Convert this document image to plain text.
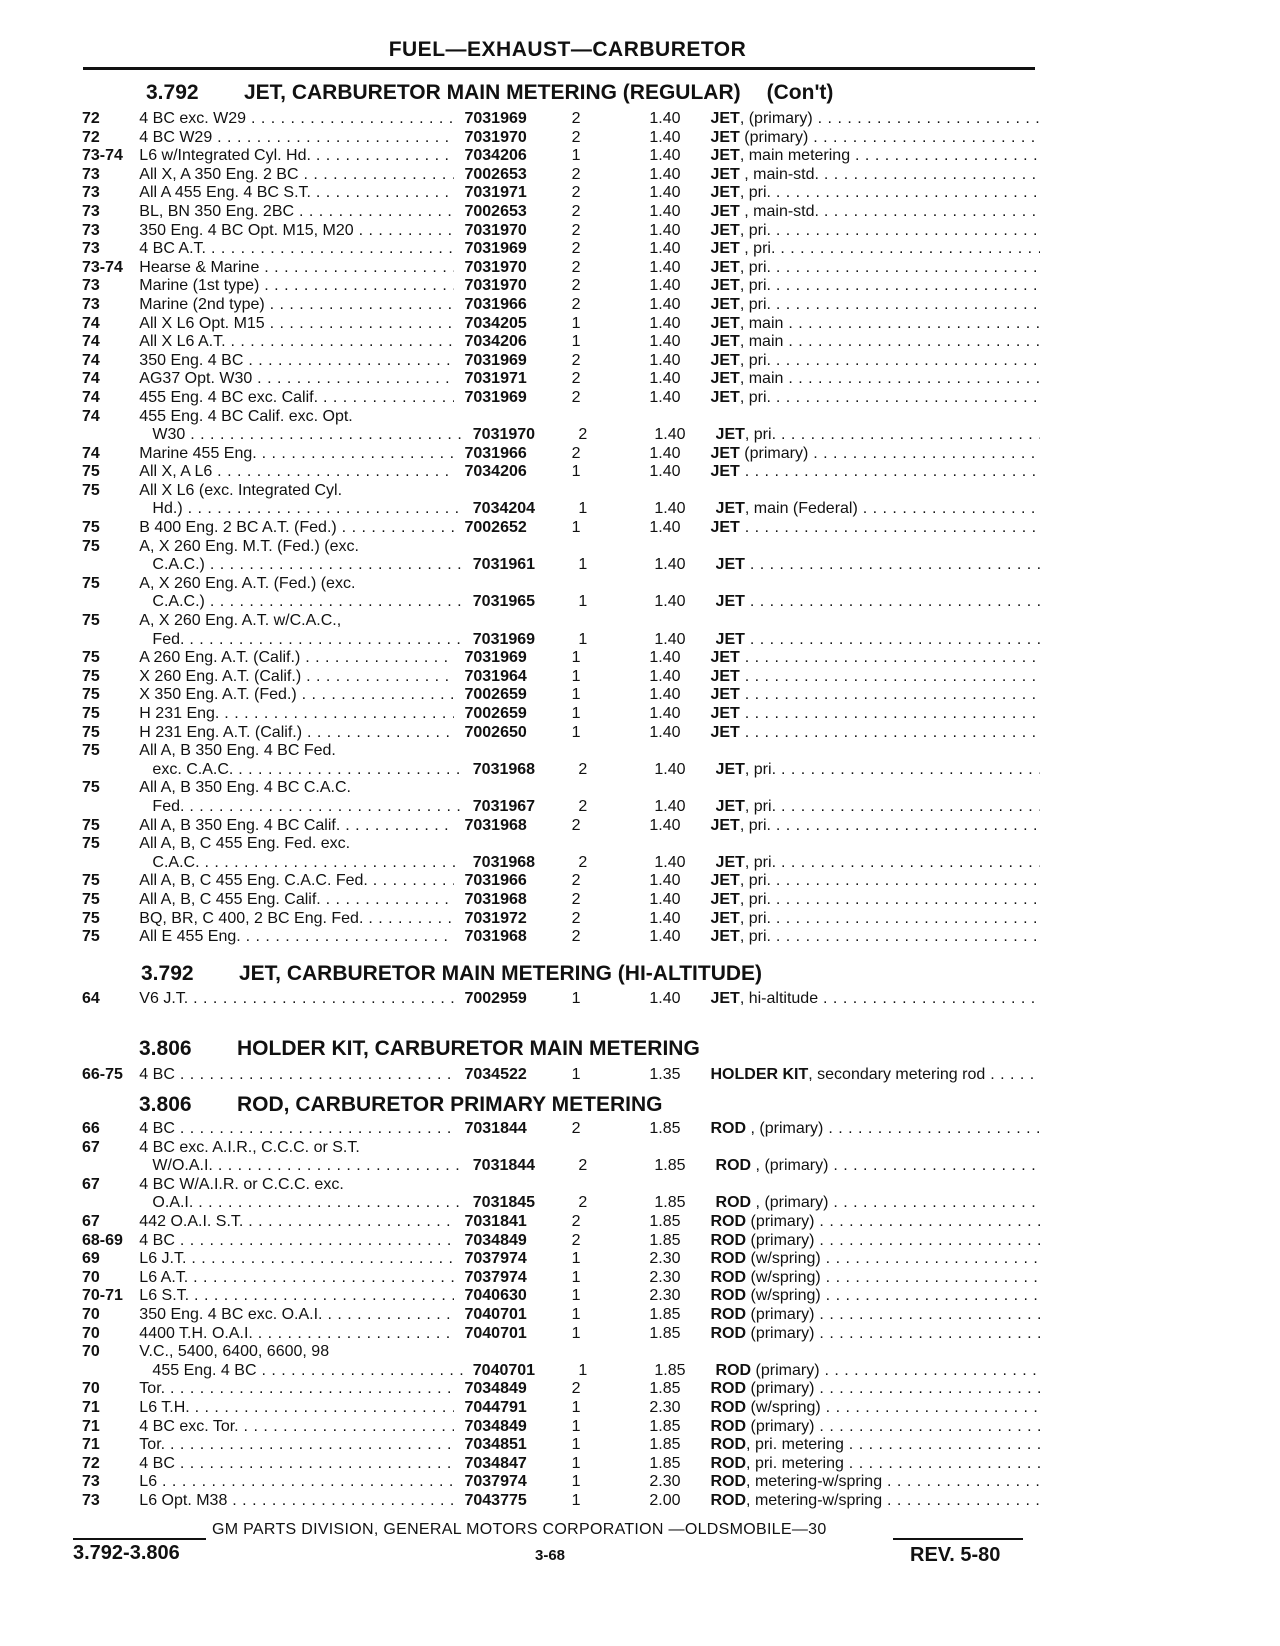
FUEL—EXHAUST—CARBURETOR
3.792 JET, CARBURETOR MAIN METERING (REGULAR) (Con't)
72	4 BC exc. W29 . . .	7031969	2	1.40	JET, (primary) . . .
72	4 BC W29 . . .	7031970	2	1.40	JET (primary) . . .
73-74	L6 w/Integrated Cyl. Hd. . . .	7034206	1	1.40	JET, main metering . . .
73	All X, A 350 Eng. 2 BC . . .	7002653	2	1.40	JET , main-std. . . .
73	All A 455 Eng. 4 BC S.T. . . .	7031971	2	1.40	JET, pri. . . .
73	BL, BN 350 Eng. 2BC . . .	7002653	2	1.40	JET , main-std. . . .
73	350 Eng. 4 BC Opt. M15, M20 . . .	7031970	2	1.40	JET, pri. . . .
73	4 BC A.T. . . .	7031969	2	1.40	JET , pri. . . .
73-74	Hearse & Marine . . .	7031970	2	1.40	JET, pri. . . .
73	Marine (1st type) . . .	7031970	2	1.40	JET, pri. . . .
73	Marine (2nd type) . . .	7031966	2	1.40	JET, pri. . . .
74	All X L6 Opt. M15 . . .	7034205	1	1.40	JET, main . . .
74	All X L6 A.T. . . .	7034206	1	1.40	JET, main . . .
74	350 Eng. 4 BC . . .	7031969	2	1.40	JET, pri. . . .
74	AG37 Opt. W30 . . .	7031971	2	1.40	JET, main . . .
74	455 Eng. 4 BC exc. Calif. . . .	7031969	2	1.40	JET, pri. . . .
74	455 Eng. 4 BC Calif. exc. Opt.
W30 . . .	7031970	2	1.40	JET, pri. . . .
74	Marine 455 Eng. . . .	7031966	2	1.40	JET (primary) . . .
75	All X, A L6 . . .	7034206	1	1.40	JET . . .
75	All X L6 (exc. Integrated Cyl.
Hd.) . . .	7034204	1	1.40	JET, main (Federal) . . .
75	B 400 Eng. 2 BC A.T. (Fed.) . . .	7002652	1	1.40	JET . . .
75	A, X 260 Eng. M.T. (Fed.) (exc.
C.A.C.) . . .	7031961	1	1.40	JET . . .
75	A, X 260 Eng. A.T. (Fed.) (exc.
C.A.C.) . . .	7031965	1	1.40	JET . . .
75	A, X 260 Eng. A.T. w/C.A.C.,
Fed. . . .	7031969	1	1.40	JET . . .
75	A 260 Eng. A.T. (Calif.) . . .	7031969	1	1.40	JET . . .
75	X 260 Eng. A.T. (Calif.) . . .	7031964	1	1.40	JET . . .
75	X 350 Eng. A.T. (Fed.) . . .	7002659	1	1.40	JET . . .
75	H 231 Eng. . . .	7002659	1	1.40	JET . . .
75	H 231 Eng. A.T. (Calif.) . . .	7002650	1	1.40	JET . . .
75	All A, B 350 Eng. 4 BC Fed.
exc. C.A.C. . . .	7031968	2	1.40	JET, pri. . . .
75	All A, B 350 Eng. 4 BC C.A.C.
Fed. . . .	7031967	2	1.40	JET, pri. . . .
75	All A, B 350 Eng. 4 BC Calif. . . .	7031968	2	1.40	JET, pri. . . .
75	All A, B, C 455 Eng. Fed. exc.
C.A.C. . . .	7031968	2	1.40	JET, pri. . . .
75	All A, B, C 455 Eng. C.A.C. Fed. . . .	7031966	2	1.40	JET, pri. . . .
75	All A, B, C 455 Eng. Calif. . . .	7031968	2	1.40	JET, pri. . . .
75	BQ, BR, C 400, 2 BC Eng. Fed. . . .	7031972	2	1.40	JET, pri. . . .
75	All E 455 Eng. . . .	7031968	2	1.40	JET, pri. . . .
3.792 JET, CARBURETOR MAIN METERING (HI-ALTITUDE)
64	V6 J.T. . . .	7002959	1	1.40	JET, hi-altitude . . .
3.806 HOLDER KIT, CARBURETOR MAIN METERING
66-75	4 BC . . .	7034522	1	1.35	HOLDER KIT, secondary metering rod . . .
3.806 ROD, CARBURETOR PRIMARY METERING
66	4 BC . . .	7031844	2	1.85	ROD , (primary) . . .
67	4 BC exc. A.I.R., C.C.C. or S.T.
W/O.A.I. . . .	7031844	2	1.85	ROD , (primary) . . .
67	4 BC W/A.I.R. or C.C.C. exc.
O.A.I. . . .	7031845	2	1.85	ROD , (primary) . . .
67	442 O.A.I. S.T. . . .	7031841	2	1.85	ROD (primary) . . .
68-69	4 BC . . .	7034849	2	1.85	ROD (primary) . . .
69	L6 J.T. . . .	7037974	1	2.30	ROD (w/spring) . . .
70	L6 A.T. . . .	7037974	1	2.30	ROD (w/spring) . . .
70-71	L6 S.T. . . .	7040630	1	2.30	ROD (w/spring) . . .
70	350 Eng. 4 BC exc. O.A.I. . . .	7040701	1	1.85	ROD (primary) . . .
70	4400 T.H. O.A.I. . . .	7040701	1	1.85	ROD (primary) . . .
70	V.C., 5400, 6400, 6600, 98
455 Eng. 4 BC . . .	7040701	1	1.85	ROD (primary) . . .
70	Tor. . . .	7034849	2	1.85	ROD (primary) . . .
71	L6 T.H. . . .	7044791	1	2.30	ROD (w/spring) . . .
71	4 BC exc. Tor. . . .	7034849	1	1.85	ROD (primary) . . .
71	Tor. . . .	7034851	1	1.85	ROD, pri. metering . . .
72	4 BC . . .	7034847	1	1.85	ROD, pri. metering . . .
73	L6 . . .	7037974	1	2.30	ROD, metering-w/spring . . .
73	L6 Opt. M38 . . .	7043775	1	2.00	ROD, metering-w/spring . . .
GM PARTS DIVISION, GENERAL MOTORS CORPORATION —OLDSMOBILE—30
3.792-3.806	3-68	REV. 5-80
